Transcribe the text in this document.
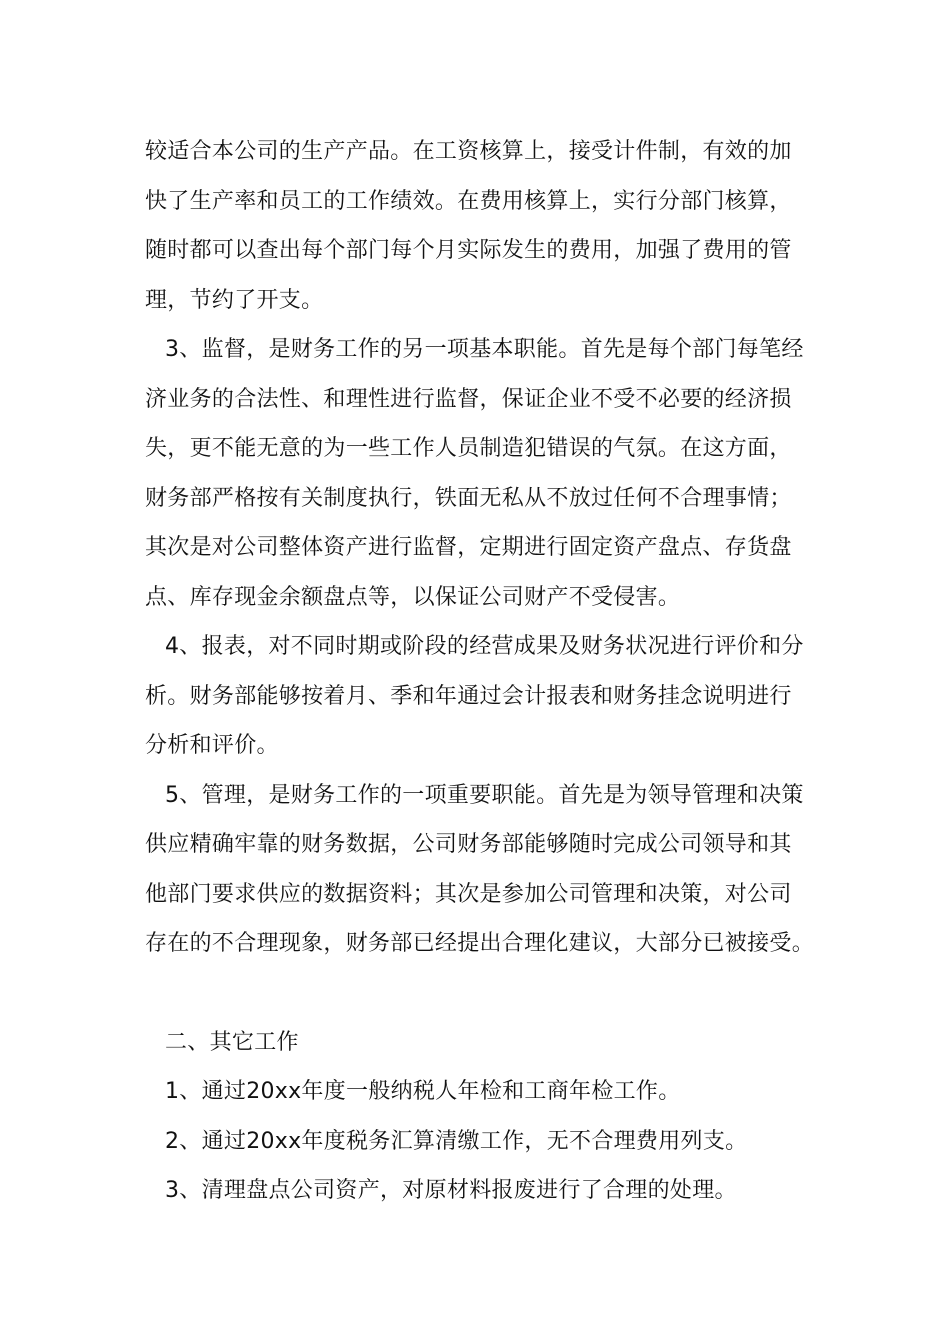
较适合本公司的生产产品。在工资核算上，接受计件制，有效的加
快了生产率和员工的工作绩效。在费用核算上，实行分部门核算，
随时都可以查出每个部门每个月实际发生的费用，加强了费用的管
理，节约了开支。
3、监督，是财务工作的另一项基本职能。首先是每个部门每笔经
济业务的合法性、和理性进行监督，保证企业不受不必要的经济损
失，更不能无意的为一些工作人员制造犯错误的气氛。在这方面，
财务部严格按有关制度执行，铁面无私从不放过任何不合理事情；
其次是对公司整体资产进行监督，定期进行固定资产盘点、存货盘
点、库存现金余额盘点等，以保证公司财产不受侵害。
4、报表，对不同时期或阶段的经营成果及财务状况进行评价和分
析。财务部能够按着月、季和年通过会计报表和财务挂念说明进行
分析和评价。
5、管理，是财务工作的一项重要职能。首先是为领导管理和决策
供应精确牢靠的财务数据，公司财务部能够随时完成公司领导和其
他部门要求供应的数据资料；其次是参加公司管理和决策，对公司
存在的不合理现象，财务部已经提出合理化建议，大部分已被接受。
二、其它工作
1、通过20xx年度一般纳税人年检和工商年检工作。
2、通过20xx年度税务汇算清缴工作，无不合理费用列支。
3、清理盘点公司资产，对原材料报废进行了合理的处理。
